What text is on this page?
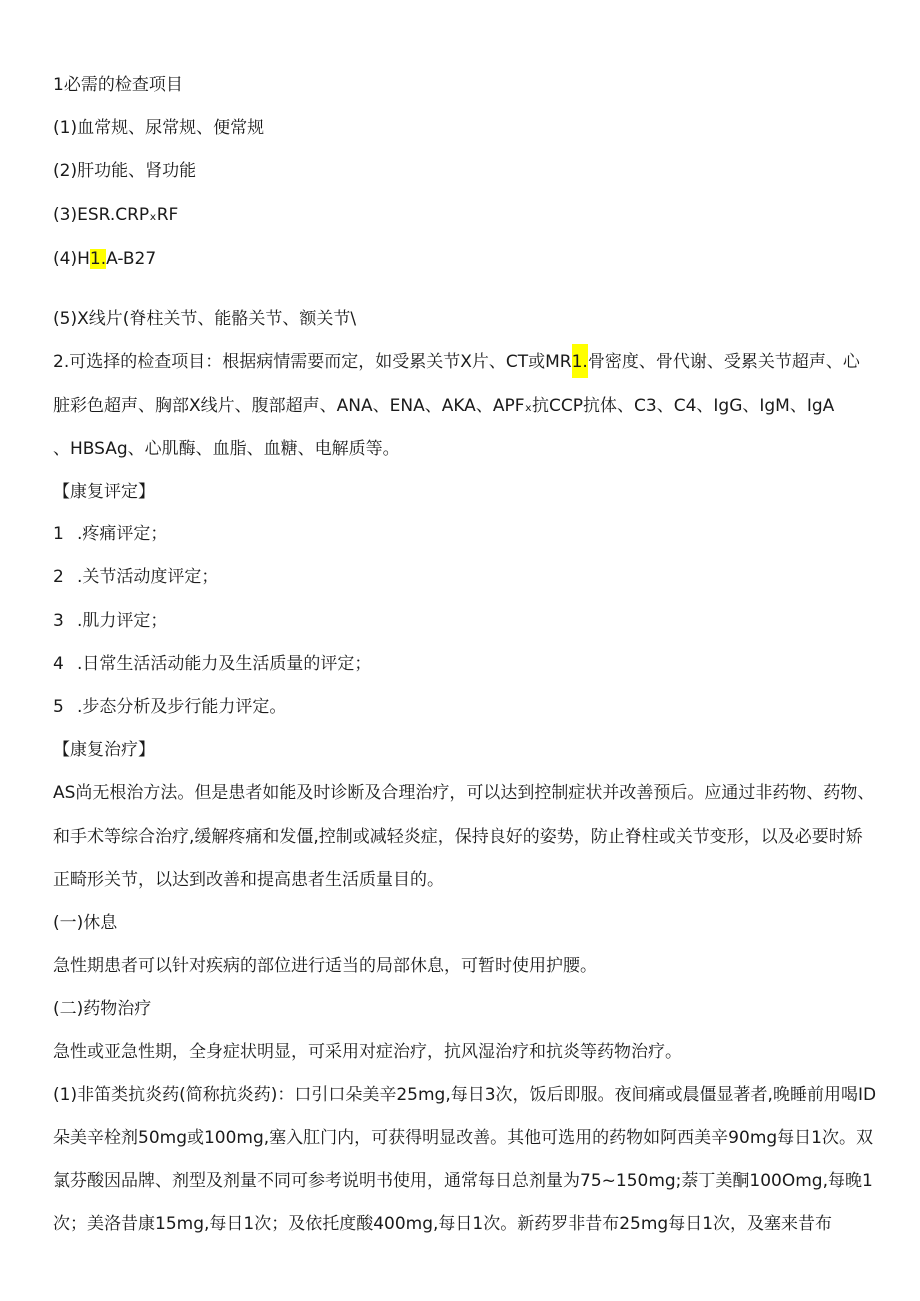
1必需的检查项目
(1)血常规、尿常规、便常规
(2)肝功能、肾功能
(3)ESR.CRPₓRF
(4)H1.A-B27
(5)X线片(脊柱关节、能骼关节、额关节\
2.可选择的检查项目：根据病情需要而定，如受累关节X片、CT或MR1.骨密度、骨代谢、受累关节超声、心
脏彩色超声、胸部X线片、腹部超声、ANA、ENA、AKA、APFₓ抗CCP抗体、C3、C4、IgG、IgM、IgA
、HBSAg、心肌酶、血脂、血糖、电解质等。
【康复评定】
1 .疼痛评定；
2 .关节活动度评定；
3 .肌力评定；
4 .日常生活活动能力及生活质量的评定；
5 .步态分析及步行能力评定。
【康复治疗】
AS尚无根治方法。但是患者如能及时诊断及合理治疗，可以达到控制症状并改善预后。应通过非药物、药物、
和手术等综合治疗,缓解疼痛和发僵,控制或减轻炎症，保持良好的姿势，防止脊柱或关节变形，以及必要时矫
正畸形关节，以达到改善和提高患者生活质量目的。
(一)休息
急性期患者可以针对疾病的部位进行适当的局部休息，可暂时使用护腰。
(二)药物治疗
急性或亚急性期，全身症状明显，可采用对症治疗，抗风湿治疗和抗炎等药物治疗。
(1)非笛类抗炎药(简称抗炎药)：口引口朵美辛25mg,每日3次，饭后即服。夜间痛或晨僵显著者,晚睡前用喝ID
朵美辛栓剂50mg或100mg,塞入肛门内，可获得明显改善。其他可选用的药物如阿西美辛90mg每日1次。双
氯芬酸因品牌、剂型及剂量不同可参考说明书使用，通常每日总剂量为75~150mg;萘丁美酮100Omg,每晚1
次；美洛昔康15mg,每日1次；及依托度酸400mg,每日1次。新药罗非昔布25mg每日1次，及塞来昔布
